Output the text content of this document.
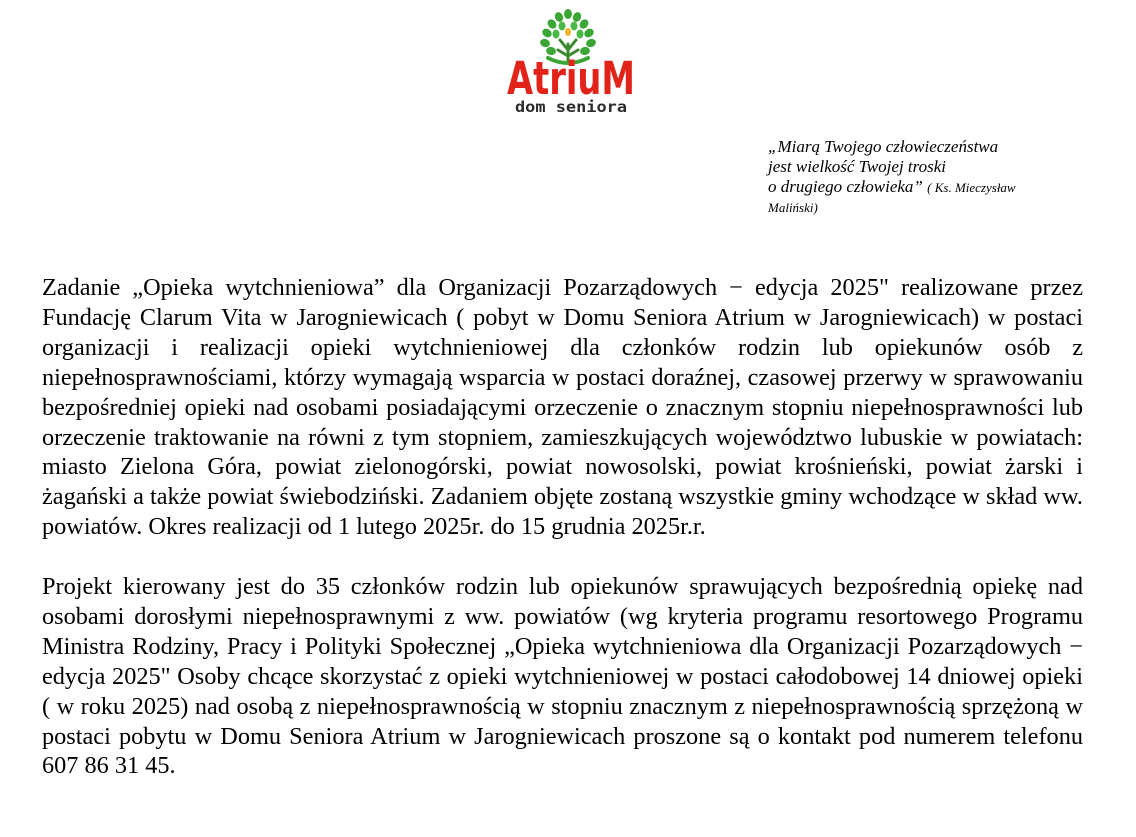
AtriuM
dom seniora
„Miarą Twojego człowieczeństwa
jest wielkość Twojej troski
o drugiego człowieka” ( Ks. Mieczysław Maliński)

Zadanie „Opieka wytchnieniowa” dla Organizacji Pozarządowych − edycja 2025" realizowane przez Fundację Clarum Vita w Jarogniewicach ( pobyt w Domu Seniora Atrium w Jarogniewicach) w postaci organizacji i realizacji opieki wytchnieniowej dla członków rodzin lub opiekunów osób z niepełnosprawnościami, którzy wymagają wsparcia w postaci doraźnej, czasowej przerwy w sprawowaniu bezpośredniej opieki nad osobami posiadającymi orzeczenie o znacznym stopniu niepełnosprawności lub orzeczenie traktowanie na równi z tym stopniem, zamieszkujących województwo lubuskie w powiatach: miasto Zielona Góra, powiat zielonogórski, powiat nowosolski, powiat krośnieński, powiat żarski i żagański a także powiat świebodziński. Zadaniem objęte zostaną wszystkie gminy wchodzące w skład ww. powiatów. Okres realizacji od 1 lutego 2025r. do 15 grudnia 2025r.r.

Projekt kierowany jest do 35 członków rodzin lub opiekunów sprawujących bezpośrednią opiekę nad osobami dorosłymi niepełnosprawnymi z ww. powiatów (wg kryteria programu resortowego Programu Ministra Rodziny, Pracy i Polityki Społecznej „Opieka wytchnieniowa dla Organizacji Pozarządowych − edycja 2025" Osoby chcące skorzystać z opieki wytchnieniowej w postaci całodobowej 14 dniowej opieki ( w roku 2025) nad osobą z niepełnosprawnością w stopniu znacznym z niepełnosprawnością sprzężoną w postaci pobytu w Domu Seniora Atrium w Jarogniewicach proszone są o kontakt pod numerem telefonu 607 86 31 45.
